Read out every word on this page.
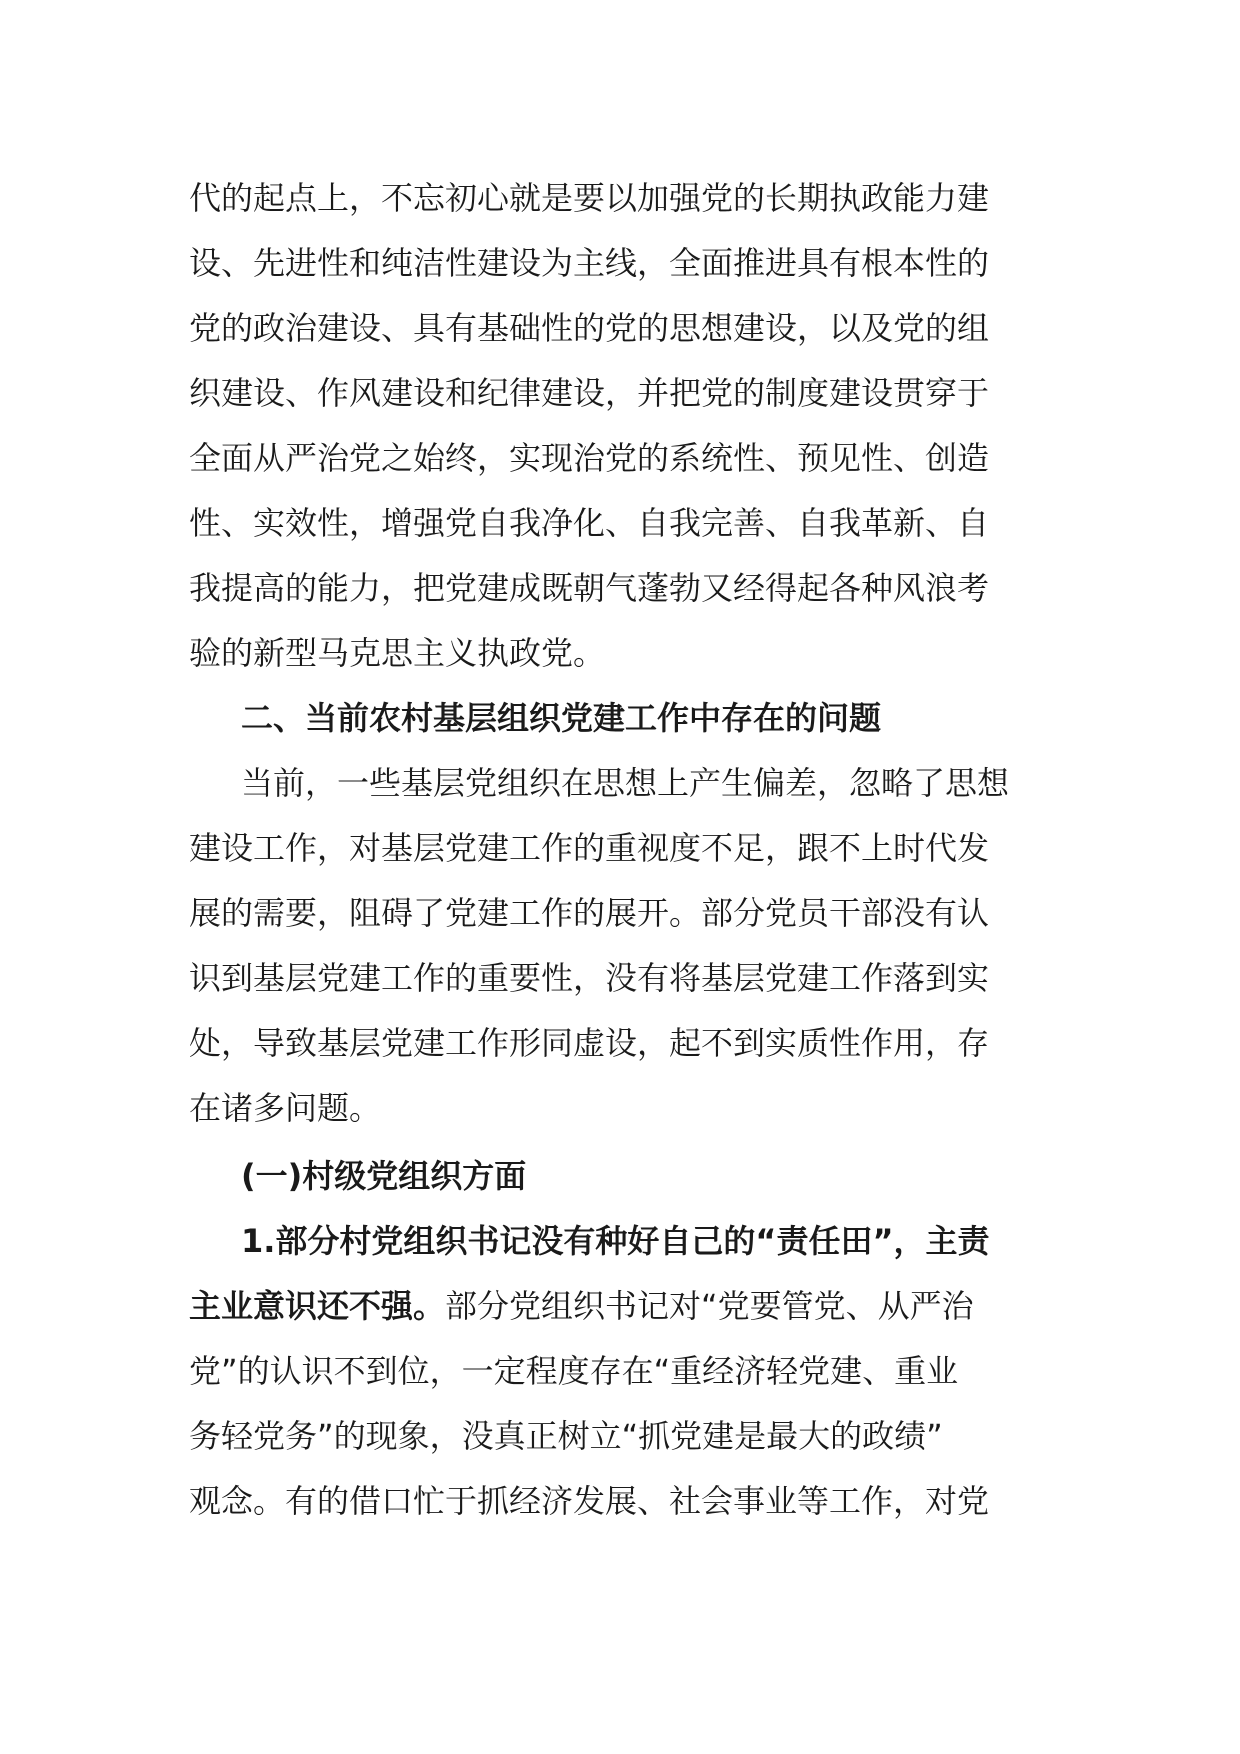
代的起点上，不忘初心就是要以加强党的长期执政能力建
设、先进性和纯洁性建设为主线，全面推进具有根本性的
党的政治建设、具有基础性的党的思想建设，以及党的组
织建设、作风建设和纪律建设，并把党的制度建设贯穿于
全面从严治党之始终，实现治党的系统性、预见性、创造
性、实效性，增强党自我净化、自我完善、自我革新、自
我提高的能力，把党建成既朝气蓬勃又经得起各种风浪考
验的新型马克思主义执政党。
二、当前农村基层组织党建工作中存在的问题
当前，一些基层党组织在思想上产生偏差，忽略了思想
建设工作，对基层党建工作的重视度不足，跟不上时代发
展的需要，阻碍了党建工作的展开。部分党员干部没有认
识到基层党建工作的重要性，没有将基层党建工作落到实
处，导致基层党建工作形同虚设，起不到实质性作用，存
在诸多问题。
(一)村级党组织方面
1.部分村党组织书记没有种好自己的“责任田”，主责
主业意识还不强。部分党组织书记对“党要管党、从严治
党”的认识不到位，一定程度存在“重经济轻党建、重业
务轻党务”的现象，没真正树立“抓党建是最大的政绩”
观念。有的借口忙于抓经济发展、社会事业等工作，对党
